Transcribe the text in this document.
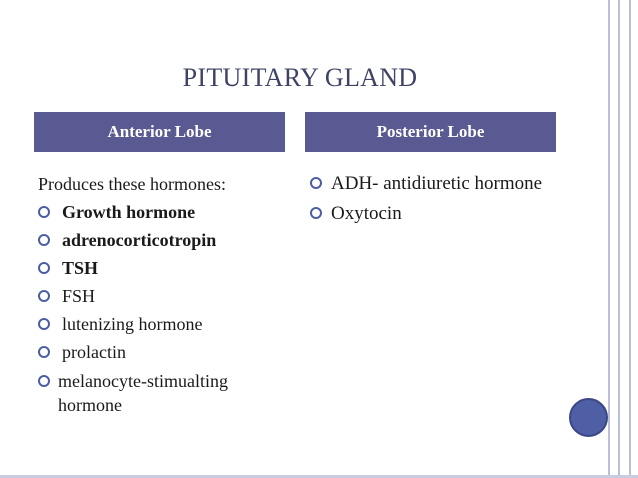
PITUITARY GLAND
Anterior Lobe	Posterior Lobe

Produces these hormones:

Growth hormone
adrenocorticotropin
TSH
FSH
lutenizing hormone
prolactin
melanocyte-stimualting hormone
ADH- antidiuretic hormone
Oxytocin
